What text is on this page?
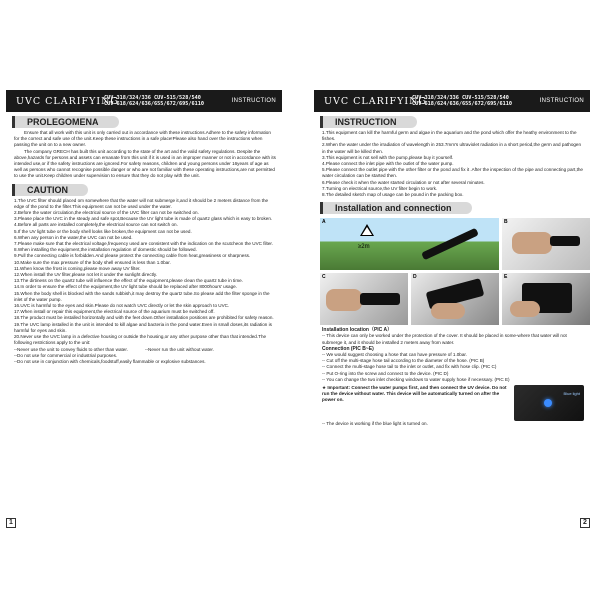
UVC CLARIFYING
CUV-318/324/336 CUV-515/528/540
CUV-618/624/636/655/672/695/6110	INSTRUCTION
PROLEGOMENA

Ensure that all work with this unit is only carried out in accordance with these instructions.Adhere to the safety information for the correct and safe use of the unit.Keep these instructions in a safe place!Please also hand over the instructions when passing the unit on to a new owner.

The company GRECH has built this unit according to the state of the art and the valid safety regulations. Despite the above,hazards for persons and assets can emanate from this unit if it is used in an improper manner or not in accordance with its intended use,or if the safety instructions are ignored.For safety reasons, children and young persons under 16years of age as well as persons who cannot recognise possible danger or who are not familiar with these operating instructions,are not permitted to use the unit.Keep children under supervision to ensure that they do not play with the unit.

CAUTION
1.The UVC filter should placed om somewhere that the water will not submerge it,and it should be 2 meters distance from the edge of the pond to the filter.This equipment can not be used under the water.
2.Before the water circulation,the electrical source of the UVC filter can not be switched on.
3.Please place the UVC in the steady and safe spot,Because the UV light tube is made of quartz glass which is easy to broken.
4.Before all parts are installed completely,the electrical source can not switch on.
5.If the UV light tube or the body shell looks like broken,the equipment can not be used.
6.When any person in the water,the UVC can not be used.
7.Please make sure that the electrical voltage,frequency used are consistent with the indication on the scutcheon the UVC filter.
8.When installing the equipment,the installation regulation of domestic should be followed.
9.Pull the connecting cable is forbidden.And please protect the connecting cable from heat,greasiness or sharpness.
10.Make sure the max pressure of the body shell ensured is less than 1.0bar.
11.When know the frost is coming,please move away UV filter.
12.When install the UV filter,please not let it under the sunlight directly.
13.The dirtiness on the quartz tube will influence the effect of the equipment,please clean the quartz tube in time.
14.In order to ensure the effect of the equipment,the UV light tube should be replaced after 8000hours' usage.
15.When the body shell is blocked with the sands rubbish,it may destroy the quartz tube.So please add the filter sponge in the inlet of the water pump.
16.UVC is harmful to the eyes and skin.Please do not watch UVC directly or let the skin approach to UVC.
17.When install or repair this equipment,the electrical source of the aquarium must be switched off.
18.The product must be installed horizontally and with the feet down.Other installation positions are prohibited for safety reason.
19.The UVC lamp installed in the unit is intended to kill algae and bacteria in the pond water.Even in small doses,its radiation is harmful for eyes and skin.
20.Never use the UVC lamp in a defective housing or outside the housing,or any other purpose other than that intended.The following restrictions apply to the unit:
--Never use the unit to convey fluids to other than water.	--Never run the unit without water.
--Do not use for commercial or industrial purposes.
--Do not use in conjunction with chemicals,foodstuff,easily flammable or explosive substances.
1
UVC CLARIFYING
CUV-318/324/336 CUV-515/528/540
CUV-618/624/636/655/672/695/6110	INSTRUCTION
INSTRUCTION
1.This equipment can kill the harmful germ and algae in the aquarium and the pond which offer the heathy environment to the fishes.
2.When the water under the irradiation of wavelength in 253.7mm's ultraviolet radiation in a short period,the germ and pathogen in the water will be killed then.
3.This equipment is not sell with the pump,please buy it yourself.
4.Please connect the inlet pipe with the outlet of the water pump.
5.Please connect the outlet pipe with the other filter or the pond and fix it .After the inspection of the pipe and connecting part,the water circulation can be started then.
6.Please check it when the water started circulation or not after several minutes.
7.Turning on electrical source,the UV filter begin to work.
8.The detailed sketch map of usage can be pound in the packing box.
Installation and connection
A
≥2m
B
C	D	E
Installation location（PIC A）
-- This device can only be worked under the protection of the cover. It should be placed in some-where that water will not submerge it, and it should be installed 2 meters away from water.
Connection (PIC B~E)
-- We would suggest choosing a hose that can have pressure of 1.0bar.
-- Cut off the multi-stage hose tail according to the diameter of the hose. (PIC B)
-- Connect the multi-stage hose tail to the inlet or outlet, and fix with hose clip. (PIC C)
-- Put O-ring into the screw and connect to the device. (PIC D)
-- You can change the two inlet checking windows to water supply hose if necessary. (PIC E)
★ Important: Connect the water pumps first, and then connect the UV device. Do not run the device without water. This device will be automatically turned on after the power on.
Blue light
-- The device is working if the blue light is turned on.
2
